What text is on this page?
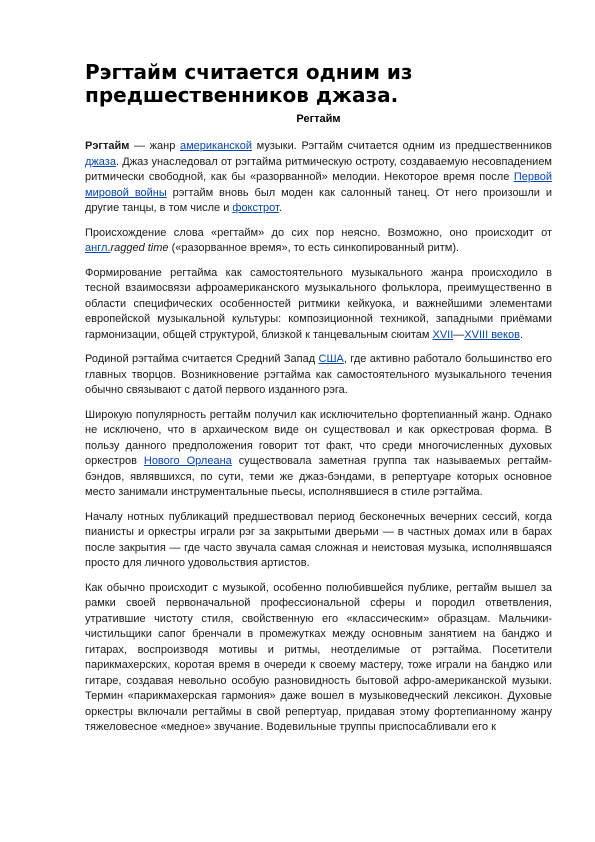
Рэгтайм считается одним из предшественников джаза.
Регтайм

Рэгтайм — жанр американской музыки. Рэгтайм считается одним из предшественников джаза. Джаз унаследовал от рэгтайма ритмическую остроту, создаваемую несовпадением ритмически свободной, как бы «разорванной» мелодии. Некоторое время после Первой мировой войны рэгтайм вновь был моден как салонный танец. От него произошли и другие танцы, в том числе и фокстрот.

Происхождение слова «регтайм» до сих пор неясно. Возможно, оно происходит от англ.ragged time («разорванное время», то есть синкопированный ритм).

Формирование регтайма как самостоятельного музыкального жанра происходило в тесной взаимосвязи афроамериканского музыкального фольклора, преимущественно в области специфических особенностей ритмики кейкуока, и важнейшими элементами европейской музыкальной культуры: композиционной техникой, западными приёмами гармонизации, общей структурой, близкой к танцевальным сюитам XVII—XVIII веков.

Родиной рэгтайма считается Средний Запад США, где активно работало большинство его главных творцов. Возникновение рэгтайма как самостоятельного музыкального течения обычно связывают с датой первого изданного рэга.

Широкую популярность регтайм получил как исключительно фортепианный жанр. Однако не исключено, что в архаическом виде он существовал и как оркестровая форма. В пользу данного предположения говорит тот факт, что среди многочисленных духовых оркестров Нового Орлеана существовала заметная группа так называемых регтайм-бэндов, являвшихся, по сути, теми же джаз-бэндами, в репертуаре которых основное место занимали инструментальные пьесы, исполнявшиеся в стиле рэгтайма.

Началу нотных публикаций предшествовал период бесконечных вечерних сессий, когда пианисты и оркестры играли рэг за закрытыми дверьми — в частных домах или в барах после закрытия — где часто звучала самая сложная и неистовая музыка, исполнявшаяся просто для личного удовольствия артистов.

Как обычно происходит с музыкой, особенно полюбившейся публике, регтайм вышел за рамки своей первоначальной профессиональной сферы и породил ответвления, утратившие чистоту стиля, свойственную его «классическим» образцам. Мальчики-чистильщики сапог бренчали в промежутках между основным занятием на банджо и гитарах, воспроизводя мотивы и ритмы, неотделимые от рэгтайма. Посетители парикмахерских, коротая время в очереди к своему мастеру, тоже играли на банджо или гитаре, создавая невольно особую разновидность бытовой афро-американской музыки. Термин «парикмахерская гармония» даже вошел в музыковедческий лексикон. Духовые оркестры включали регтаймы в свой репертуар, придавая этому фортепианному жанру тяжеловесное «медное» звучание. Водевильные труппы приспосабливали его к
